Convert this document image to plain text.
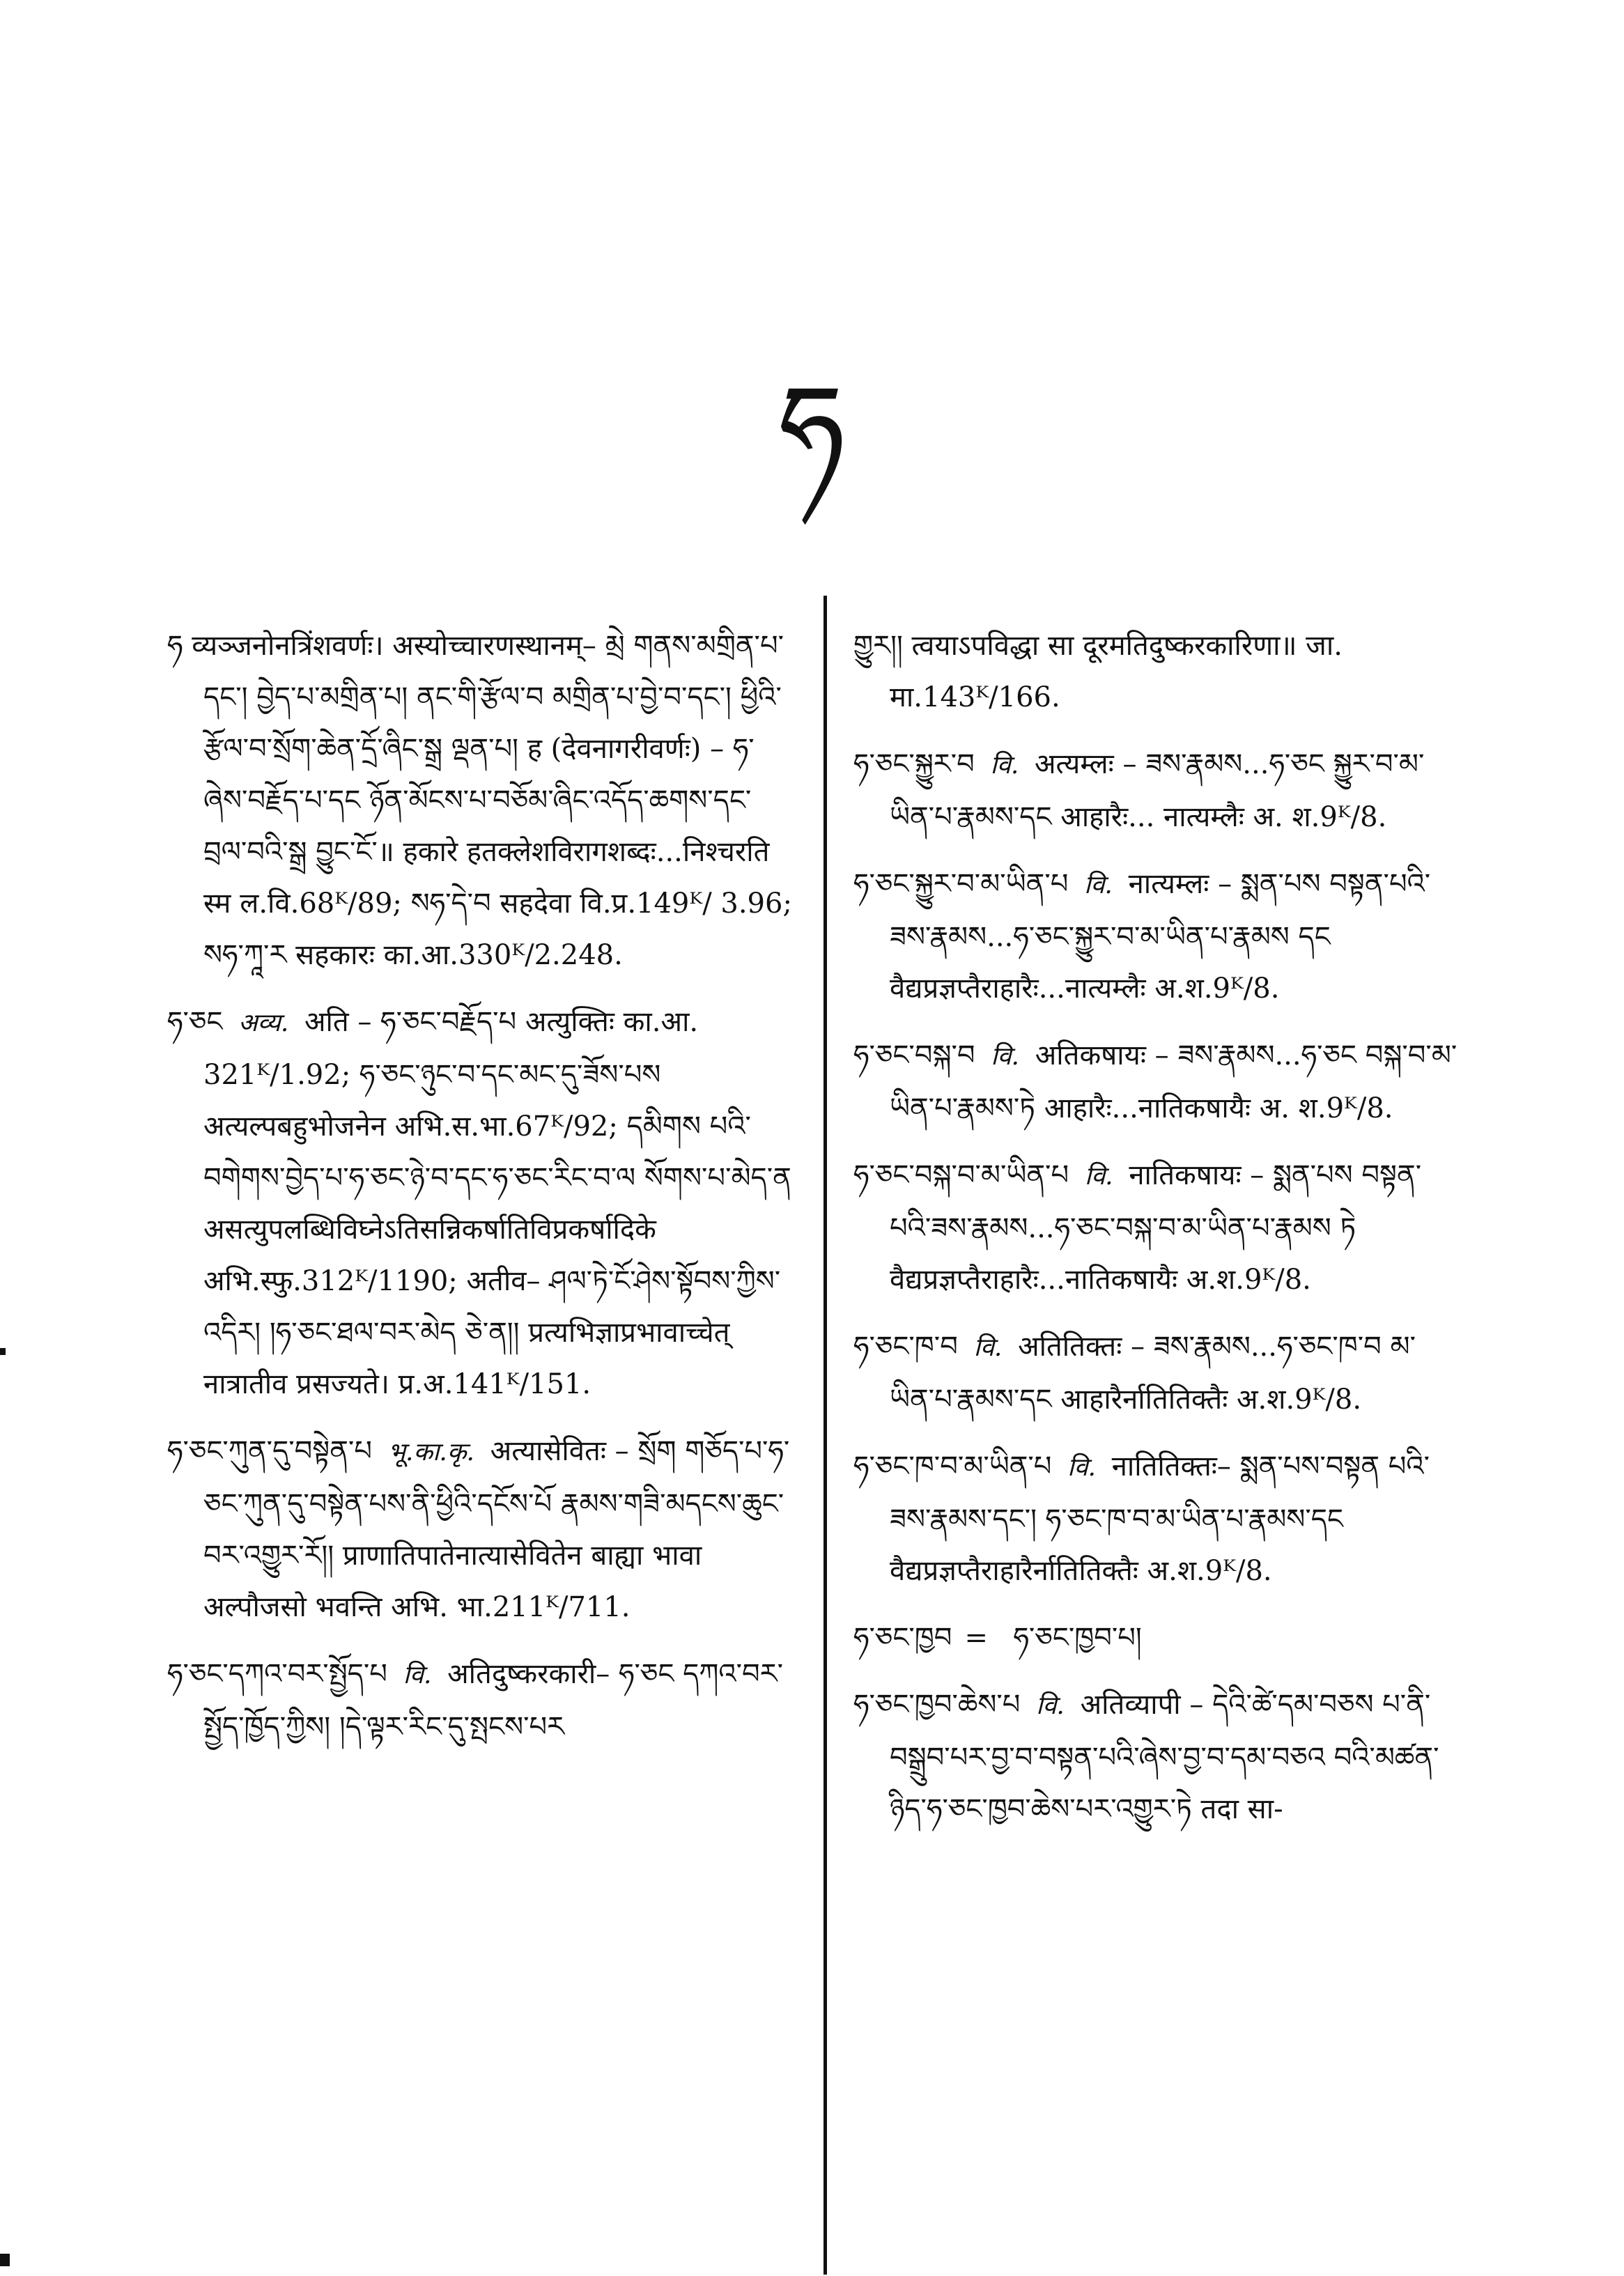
ཧ

ཧ व्यञ्जनोनत्रिंशवर्णः। अस्योच्चारणस्थानम्– མྲེ གནས་མགྲིན་པ་དང་། བྱེད་པ་མགྲིན་པ། ནང་གི་རྩོལ་བ མགྲིན་པ་བྱེ་བ་དང་། ཕྱིའི་རྩོལ་བ་སྲོག་ཆེན་དྲོ་ཞིང་སྒྲ ལྡན་པ། ह (देवनागरीवर्णः) – ཧ་ཞེས་བརྗོད་པ་དང ཉོན་མོངས་པ་བཅོམ་ཞིང་འདོད་ཆགས་དང་བྲལ་བའི་སྒྲ བྱུང་ངོ་॥ हकारे हतक्लेशविरागशब्दः...निश्चरति स्म ल.वि.68ᴷ/89; སཧ་དེ་བ सहदेवा वि.प्र.149ᴷ/ 3.96; སཧ་ཀཱ་ར सहकारः का.आ.330ᴷ/2.248.

ཧ་ཅང अव्य. अति – ཧ་ཅང་བརྗོད་པ अत्युक्तिः का.आ. 321ᴷ/1.92; ཧ་ཅང་ཉུང་བ་དང་མང་དུ་ཟོས་པས अत्यल्पबहुभोजनेन अभि.स.भा.67ᴷ/92; དམིགས པའི་བགེགས་བྱེད་པ་ཧ་ཅང་ཉེ་བ་དང་ཧ་ཅང་རིང་བ་ལ སོགས་པ་མེད་ན असत्युपलब्धिविघ्नेऽतिसन्निकर्षातिविप्रकर्षादिके अभि.स्फु.312ᴷ/1190; अतीव– ཤལ་ཏེ་ངོ་ཤེས་སྟོབས་ཀྱིས་འདིར། །ཧ་ཅང་ཐལ་བར་མེད ཅེ་ན།། प्रत्यभिज्ञाप्रभावाच्चेत् नात्रातीव प्रसज्यते। प्र.अ.141ᴷ/151.

ཧ་ཅང་ཀུན་དུ་བསྟེན་པ भू.का.कृ. अत्यासेवितः – སྲོག གཅོད་པ་ཧ་ཅང་ཀུན་དུ་བསྟེན་པས་ནི་ཕྱིའི་དངོས་པོ རྣམས་གཟི་མདངས་ཆུང་བར་འགྱུར་རོ།། प्राणातिपातेनात्यासेवितेन बाह्या भावा अल्पौजसो भवन्ति अभि. भा.211ᴷ/711.

ཧ་ཅང་དཀའ་བར་སྤྱོད་པ वि. अतिदुष्करकारी– ཧ་ཅང དཀའ་བར་སྤྱོད་ཁྱོད་ཀྱིས། །དེ་ལྟར་རིང་དུ་སྤངས་པར

གྱུར།། त्वयाऽपविद्धा सा दूरमतिदुष्करकारिणा॥ जा. मा.143ᴷ/166.

ཧ་ཅང་སྐྱུར་བ वि. अत्यम्लः – ཟས་རྣམས...ཧ་ཅང སྐྱུར་བ་མ་ཡིན་པ་རྣམས་དང आहारैः... नात्यम्लैः अ. श.9ᴷ/8.

ཧ་ཅང་སྐྱུར་བ་མ་ཡིན་པ वि. नात्यम्लः – སྨན་པས བསྟན་པའི་ཟས་རྣམས...ཧ་ཅང་སྐྱུར་བ་མ་ཡིན་པ་རྣམས དང वैद्यप्रज्ञप्तैराहारैः...नात्यम्लैः अ.श.9ᴷ/8.

ཧ་ཅང་བསྐ་བ वि. अतिकषायः – ཟས་རྣམས...ཧ་ཅང བསྐ་བ་མ་ཡིན་པ་རྣམས་ཏེ आहारैः...नातिकषायैः अ. श.9ᴷ/8.

ཧ་ཅང་བསྐ་བ་མ་ཡིན་པ वि. नातिकषायः – སྨན་པས བསྟན་པའི་ཟས་རྣམས...ཧ་ཅང་བསྐ་བ་མ་ཡིན་པ་རྣམས ཏེ वैद्यप्रज्ञप्तैराहारैः...नातिकषायैः अ.श.9ᴷ/8.

ཧ་ཅང་ཁ་བ वि. अतितिक्तः – ཟས་རྣམས...ཧ་ཅང་ཁ་བ མ་ཡིན་པ་རྣམས་དང आहारैर्नातितिक्तैः अ.श.9ᴷ/8.

ཧ་ཅང་ཁ་བ་མ་ཡིན་པ वि. नातितिक्तः– སྨན་པས་བསྟན པའི་ཟས་རྣམས་དང་། ཧ་ཅང་ཁ་བ་མ་ཡིན་པ་རྣམས་དང वैद्यप्रज्ञप्तैराहारैर्नातितिक्तैः अ.श.9ᴷ/8.

ཧ་ཅང་ཁྱབ = ཧ་ཅང་ཁྱབ་པ།

ཧ་ཅང་ཁྱབ་ཆེས་པ वि. अतिव्यापी – དེའི་ཚེ་དམ་བཅས པ་ནི་བསྒྲུབ་པར་བྱ་བ་བསྟན་པའི་ཞེས་བྱ་བ་དམ་བཅའ བའི་མཚན་ཉིད་ཧ་ཅང་ཁྱབ་ཆེས་པར་འགྱུར་ཏེ तदा सा-
